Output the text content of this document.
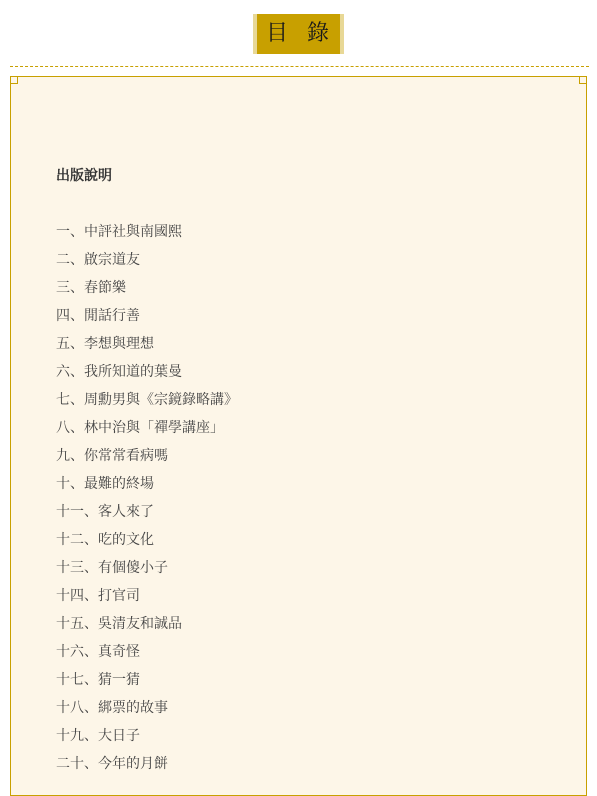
目 錄
出版說明
一、中評社與南國熙
二、啟宗道友
三、春節樂
四、閒話行善
五、李想與理想
六、我所知道的葉曼
七、周勳男與《宗鏡錄略講》
八、林中治與「禪學講座」
九、你常常看病嗎
十、最難的終場
十一、客人來了
十二、吃的文化
十三、有個傻小子
十四、打官司
十五、吳清友和誠品
十六、真奇怪
十七、猜一猜
十八、綁票的故事
十九、大日子
二十、今年的月餅
